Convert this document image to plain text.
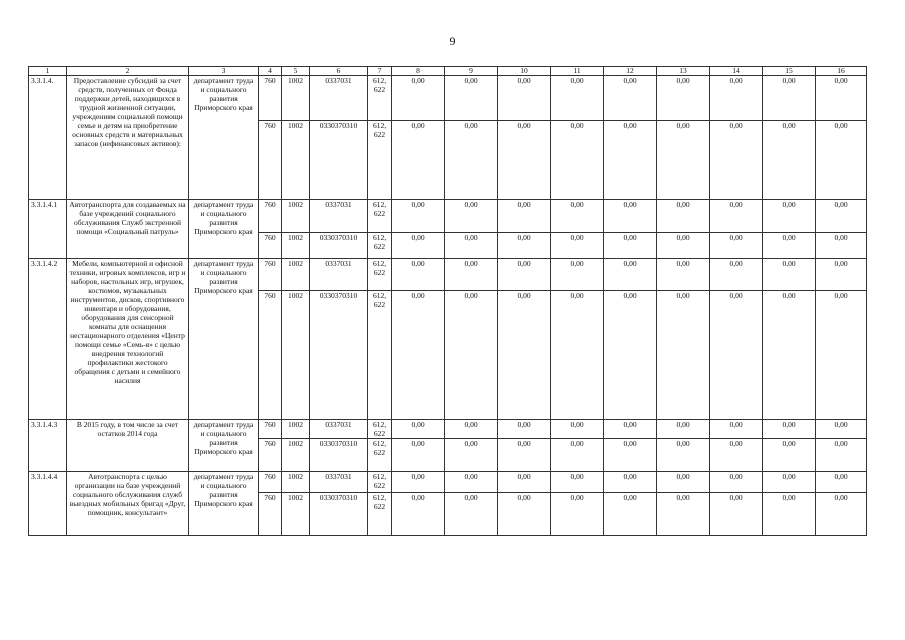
9
1	2	3	4	5	6	7	8	9	10	11	12	13	14	15	16
3.3.1.4.	Предоставление субсидий за счет средств, полученных от Фонда поддержки детей, находящихся в трудной жизненной ситуации, учреждениям социальной помощи семье и детям на приобретение основных средств и материальных запасов (нефинансовых активов):	департамент труда и социального развития Приморского края	760	1002	0337031	612, 622	0,00	0,00	0,00	0,00	0,00	0,00	0,00	0,00	0,00
			760	1002	0330370310	612, 622	0,00	0,00	0,00	0,00	0,00	0,00	0,00	0,00	0,00
3.3.1.4.1	Автотранспорта для создаваемых на базе учреждений социального обслуживания Служб экстренной помощи «Социальный патруль»	департамент труда и социального развития Приморского края	760	1002	0337031	612, 622	0,00	0,00	0,00	0,00	0,00	0,00	0,00	0,00	0,00
			760	1002	0330370310	612, 622	0,00	0,00	0,00	0,00	0,00	0,00	0,00	0,00	0,00
3.3.1.4.2	Мебели, компьютерной и офисной техники, игровых комплексов, игр и наборов, настольных игр, игрушек, костюмов, музыкальных инструментов, дисков, спортивного инвентаря и оборудования, оборудования для сенсорной комнаты для оснащения нестационарного отделения «Центр помощи семье «Семь-я» с целью внедрения технологий профилактики жестокого обращения с детьми и семейного насилия	департамент труда и социального развития Приморского края	760	1002	0337031	612, 622	0,00	0,00	0,00	0,00	0,00	0,00	0,00	0,00	0,00
			760	1002	0330370310	612, 622	0,00	0,00	0,00	0,00	0,00	0,00	0,00	0,00	0,00
3.3.1.4.3	В 2015 году, в том числе за счет остатков 2014 года	департамент труда и социального развития Приморского края	760	1002	0337031	612, 622	0,00	0,00	0,00	0,00	0,00	0,00	0,00	0,00	0,00
			760	1002	0330370310	612, 622	0,00	0,00	0,00	0,00	0,00	0,00	0,00	0,00	0,00
3.3.1.4.4	Автотранспорта с целью организации на базе учреждений социального обслуживания служб выездных мобильных бригад «Друг, помощник, консультант»	департамент труда и социального развития Приморского края	760	1002	0337031	612, 622	0,00	0,00	0,00	0,00	0,00	0,00	0,00	0,00	0,00
			760	1002	0330370310	612, 622	0,00	0,00	0,00	0,00	0,00	0,00	0,00	0,00	0,00
